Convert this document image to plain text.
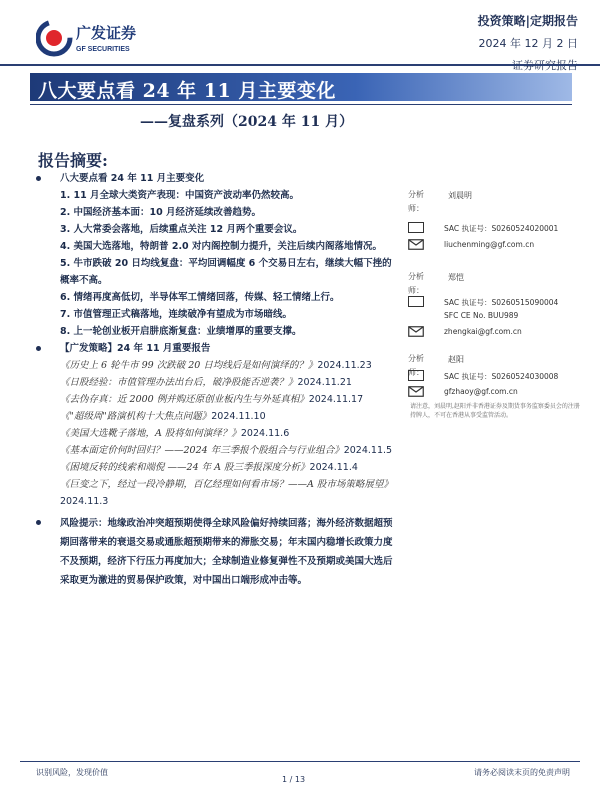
广发证券
GF SECURITIES
投资策略|定期报告
2024 年 12 月 2 日
八大要点看 24 年 11 月主要变化
——复盘系列（2024 年 11 月）
报告摘要:
八大要点看 24 年 11 月主要变化
1. 11 月全球大类资产表现：中国资产波动率仍然较高。
2. 中国经济基本面：10 月经济延续改善趋势。
3. 人大常委会落地，后续重点关注 12 月两个重要会议。
4. 美国大选落地，特朗普 2.0 对内阁控制力提升，关注后续内阁落地情况。
5. 牛市跌破 20 日均线复盘：平均回调幅度 6 个交易日左右，继续大幅下挫的概率不高。
6. 情绪再度高低切，半导体军工情绪回落，传媒、轻工情绪上行。
7. 市值管理正式稿落地，连续破净有望成为市场暗线。
8. 上一轮创业板开启肼底渐复盘：业绩增厚的重要支撑。
【广发策略】24 年 11 月重要报告
《历史上 6 轮牛市 99 次跌破 20 日均线后是如何演绎的？》2024.11.23
《日股经验：市值管理办法出台后，破净股能否逆袭？》2024.11.21
《去伪存真：近 2000 例并购还原创业板内生与外延真相》2024.11.17
《"超级周"路演机构十大焦点问题》2024.11.10
《美国大选靴子落地，A 股将如何演绎？》2024.11.6
《基本面定价何时回归？——2024 年三季报个股组合与行业组合》2024.11.5
《困境反转的线索和端倪 ——24 年 A 股三季报深度分析》2024.11.4
《巨变之下，经过一段冷静期，百亿经理如何看市场？——A 股市场策略展望》2024.11.3
风险提示：地缘政治冲突超预期使得全球风险偏好持续回落；海外经济数据超预期回落带来的衰退交易或通胀超预期带来的滞胀交易；年末国内稳增长政策力度不及预期，经济下行压力再度加大；全球制造业修复弹性不及预期或美国大选后采取更为激进的贸易保护政策，对中国出口端形成冲击等。
分析师：
刘晨明
SAC 执证号：S0260524020001
liuchenming@gf.com.cn
分析师：
郑恺
SAC 执证号：S0260515090004
SFC CE No. BUU989
zhengkai@gf.com.cn
分析师：
赵阳
SAC 执证号：S0260524030008
gfzhaoy@gf.com.cn
请注意，刘晨明,赵阳并非香港证券及期货事务监察委员会的注册持牌人，不可在香港从事受监管活动。
识别风险，发现价值	请务必阅读末页的免责声明
1 / 13
